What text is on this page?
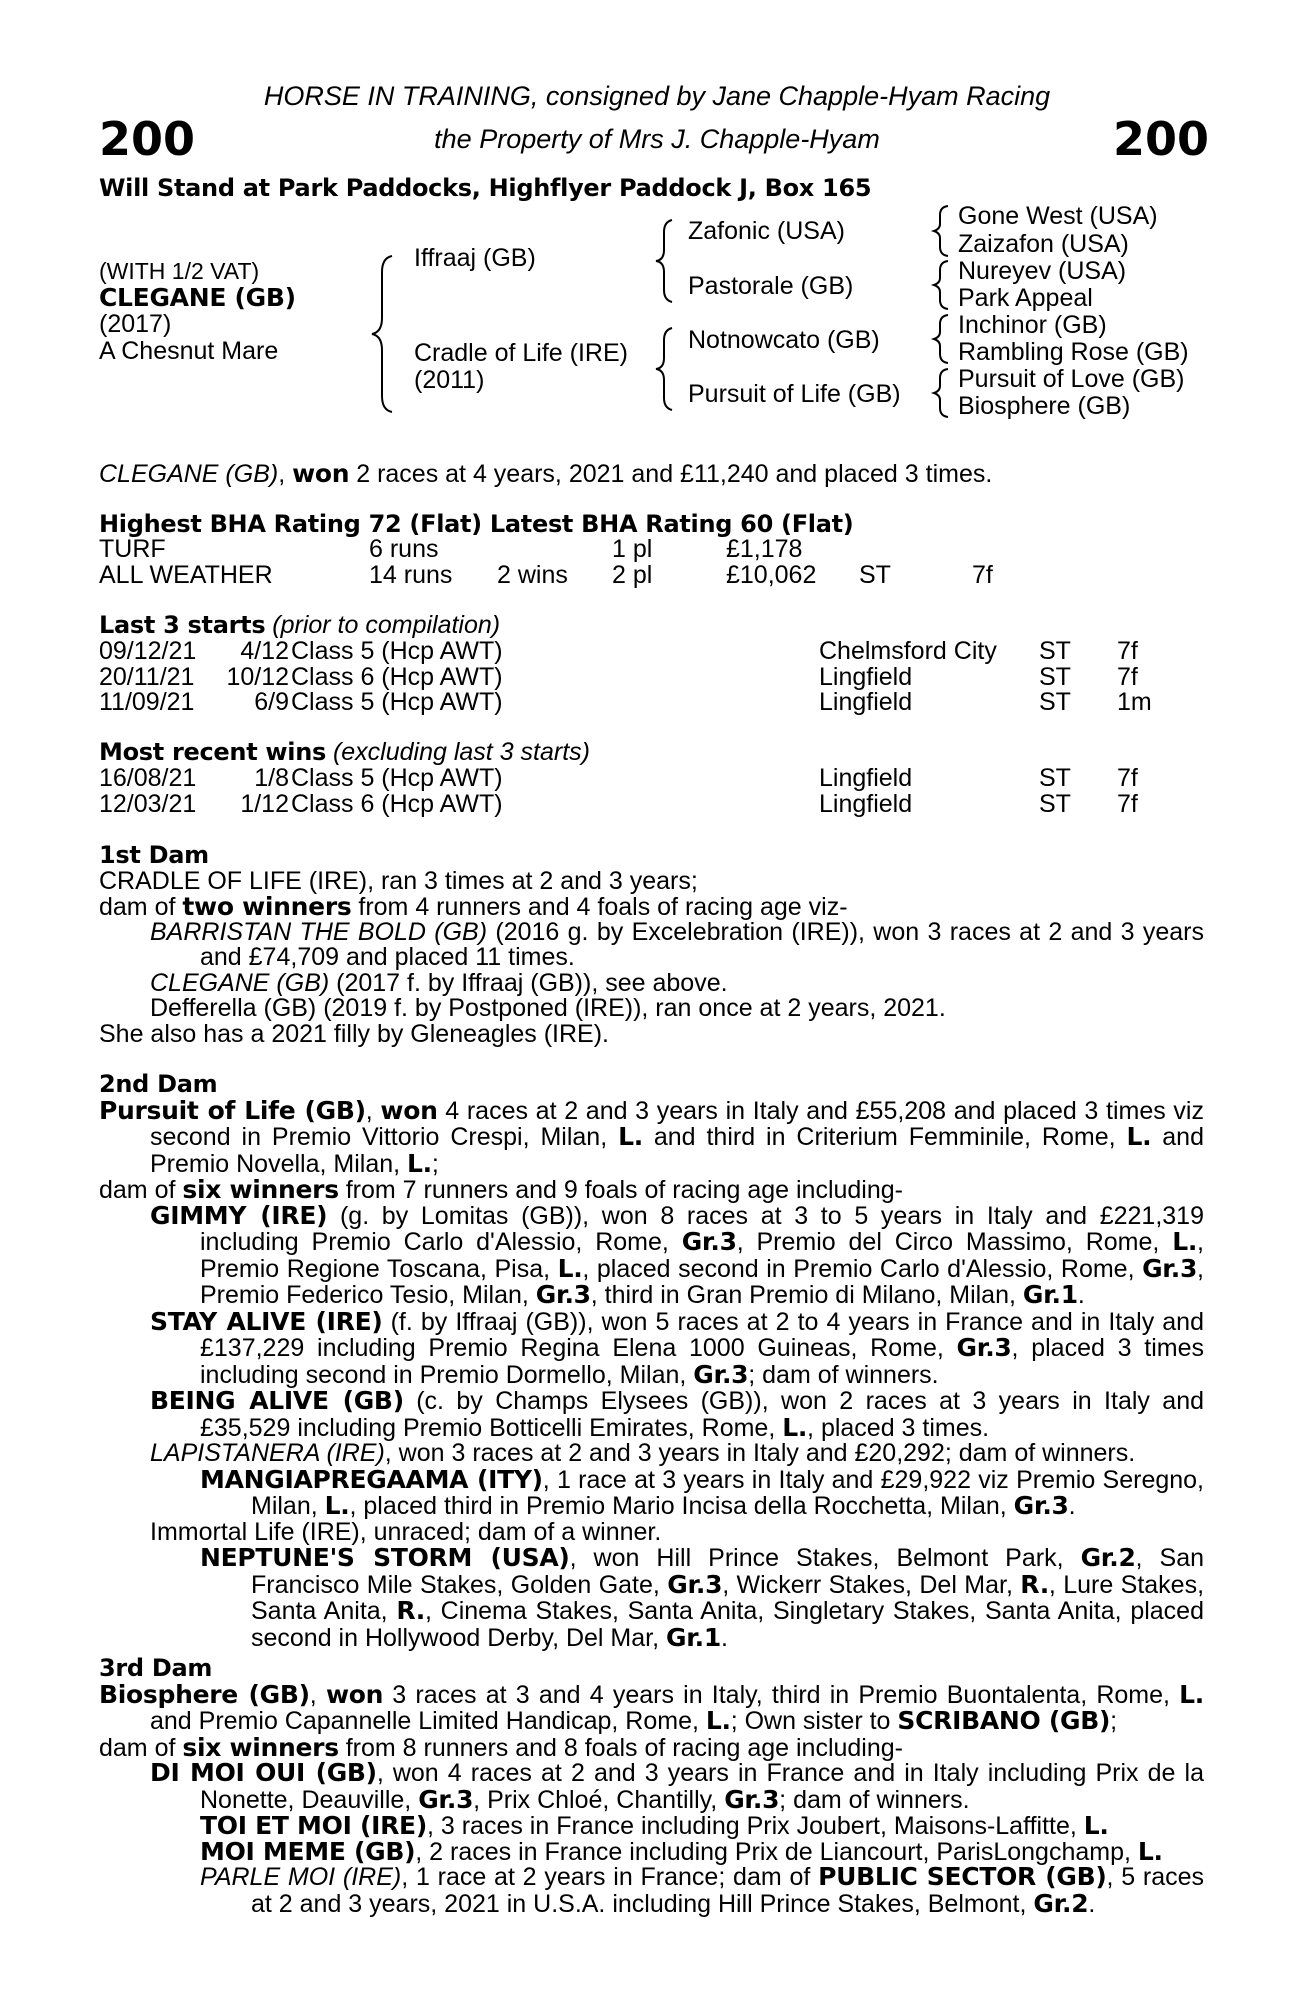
200	200
HORSE IN TRAINING, consigned by Jane Chapple-Hyam Racing
the Property of Mrs J. Chapple-Hyam
Will Stand at Park Paddocks, Highflyer Paddock J, Box 165
(WITH 1/2 VAT)
CLEGANE (GB)
(2017)
A Chesnut Mare
Iffraaj (GB)
Cradle of Life (IRE)
(2011)
Zafonic (USA)
Pastorale (GB)
Notnowcato (GB)
Pursuit of Life (GB)
Gone West (USA)
Zaizafon (USA)
Nureyev (USA)
Park Appeal
Inchinor (GB)
Rambling Rose (GB)
Pursuit of Love (GB)
Biosphere (GB)
CLEGANE (GB), won 2 races at 4 years, 2021 and £11,240 and placed 3 times.
Highest BHA Rating 72 (Flat) Latest BHA Rating 60 (Flat)
TURF	6 runs	1 pl	£1,178
ALL WEATHER	14 runs 2 wins 2 pl	£10,062 ST	7f
Last 3 starts (prior to compilation)
09/12/21	4/12 Class 5 (Hcp AWT)	Chelmsford City ST 7f
20/11/21 10/12 Class 6 (Hcp AWT)	Lingfield	ST 7f
11/09/21	6/9 Class 5 (Hcp AWT)	Lingfield	ST 1m
Most recent wins (excluding last 3 starts)
16/08/21	1/8 Class 5 (Hcp AWT)	Lingfield	ST 7f
12/03/21	1/12 Class 6 (Hcp AWT)	Lingfield	ST 7f
1st Dam
CRADLE OF LIFE (IRE), ran 3 times at 2 and 3 years;
dam of two winners from 4 runners and 4 foals of racing age viz-
BARRISTAN THE BOLD (GB) (2016 g. by Excelebration (IRE)), won 3 races at 2 and 3 years and £74,709 and placed 11 times.
CLEGANE (GB) (2017 f. by Iffraaj (GB)), see above.
Defferella (GB) (2019 f. by Postponed (IRE)), ran once at 2 years, 2021.
She also has a 2021 filly by Gleneagles (IRE).
2nd Dam
Pursuit of Life (GB), won 4 races at 2 and 3 years in Italy and £55,208 and placed 3 times viz second in Premio Vittorio Crespi, Milan, L. and third in Criterium Femminile, Rome, L. and Premio Novella, Milan, L.;
dam of six winners from 7 runners and 9 foals of racing age including-
GIMMY (IRE) (g. by Lomitas (GB)), won 8 races at 3 to 5 years in Italy and £221,319 including Premio Carlo d'Alessio, Rome, Gr.3, Premio del Circo Massimo, Rome, L., Premio Regione Toscana, Pisa, L., placed second in Premio Carlo d'Alessio, Rome, Gr.3, Premio Federico Tesio, Milan, Gr.3, third in Gran Premio di Milano, Milan, Gr.1.
STAY ALIVE (IRE) (f. by Iffraaj (GB)), won 5 races at 2 to 4 years in France and in Italy and £137,229 including Premio Regina Elena 1000 Guineas, Rome, Gr.3, placed 3 times including second in Premio Dormello, Milan, Gr.3; dam of winners.
BEING ALIVE (GB) (c. by Champs Elysees (GB)), won 2 races at 3 years in Italy and £35,529 including Premio Botticelli Emirates, Rome, L., placed 3 times.
LAPISTANERA (IRE), won 3 races at 2 and 3 years in Italy and £20,292; dam of winners.
MANGIAPREGAAMA (ITY), 1 race at 3 years in Italy and £29,922 viz Premio Seregno, Milan, L., placed third in Premio Mario Incisa della Rocchetta, Milan, Gr.3.
Immortal Life (IRE), unraced; dam of a winner.
NEPTUNE'S STORM (USA), won Hill Prince Stakes, Belmont Park, Gr.2, San Francisco Mile Stakes, Golden Gate, Gr.3, Wickerr Stakes, Del Mar, R., Lure Stakes, Santa Anita, R., Cinema Stakes, Santa Anita, Singletary Stakes, Santa Anita, placed second in Hollywood Derby, Del Mar, Gr.1.
3rd Dam
Biosphere (GB), won 3 races at 3 and 4 years in Italy, third in Premio Buontalenta, Rome, L. and Premio Capannelle Limited Handicap, Rome, L.; Own sister to SCRIBANO (GB);
dam of six winners from 8 runners and 8 foals of racing age including-
DI MOI OUI (GB), won 4 races at 2 and 3 years in France and in Italy including Prix de la Nonette, Deauville, Gr.3, Prix Chloé, Chantilly, Gr.3; dam of winners.
TOI ET MOI (IRE), 3 races in France including Prix Joubert, Maisons-Laffitte, L.
MOI MEME (GB), 2 races in France including Prix de Liancourt, ParisLongchamp, L.
PARLE MOI (IRE), 1 race at 2 years in France; dam of PUBLIC SECTOR (GB), 5 races at 2 and 3 years, 2021 in U.S.A. including Hill Prince Stakes, Belmont, Gr.2.
